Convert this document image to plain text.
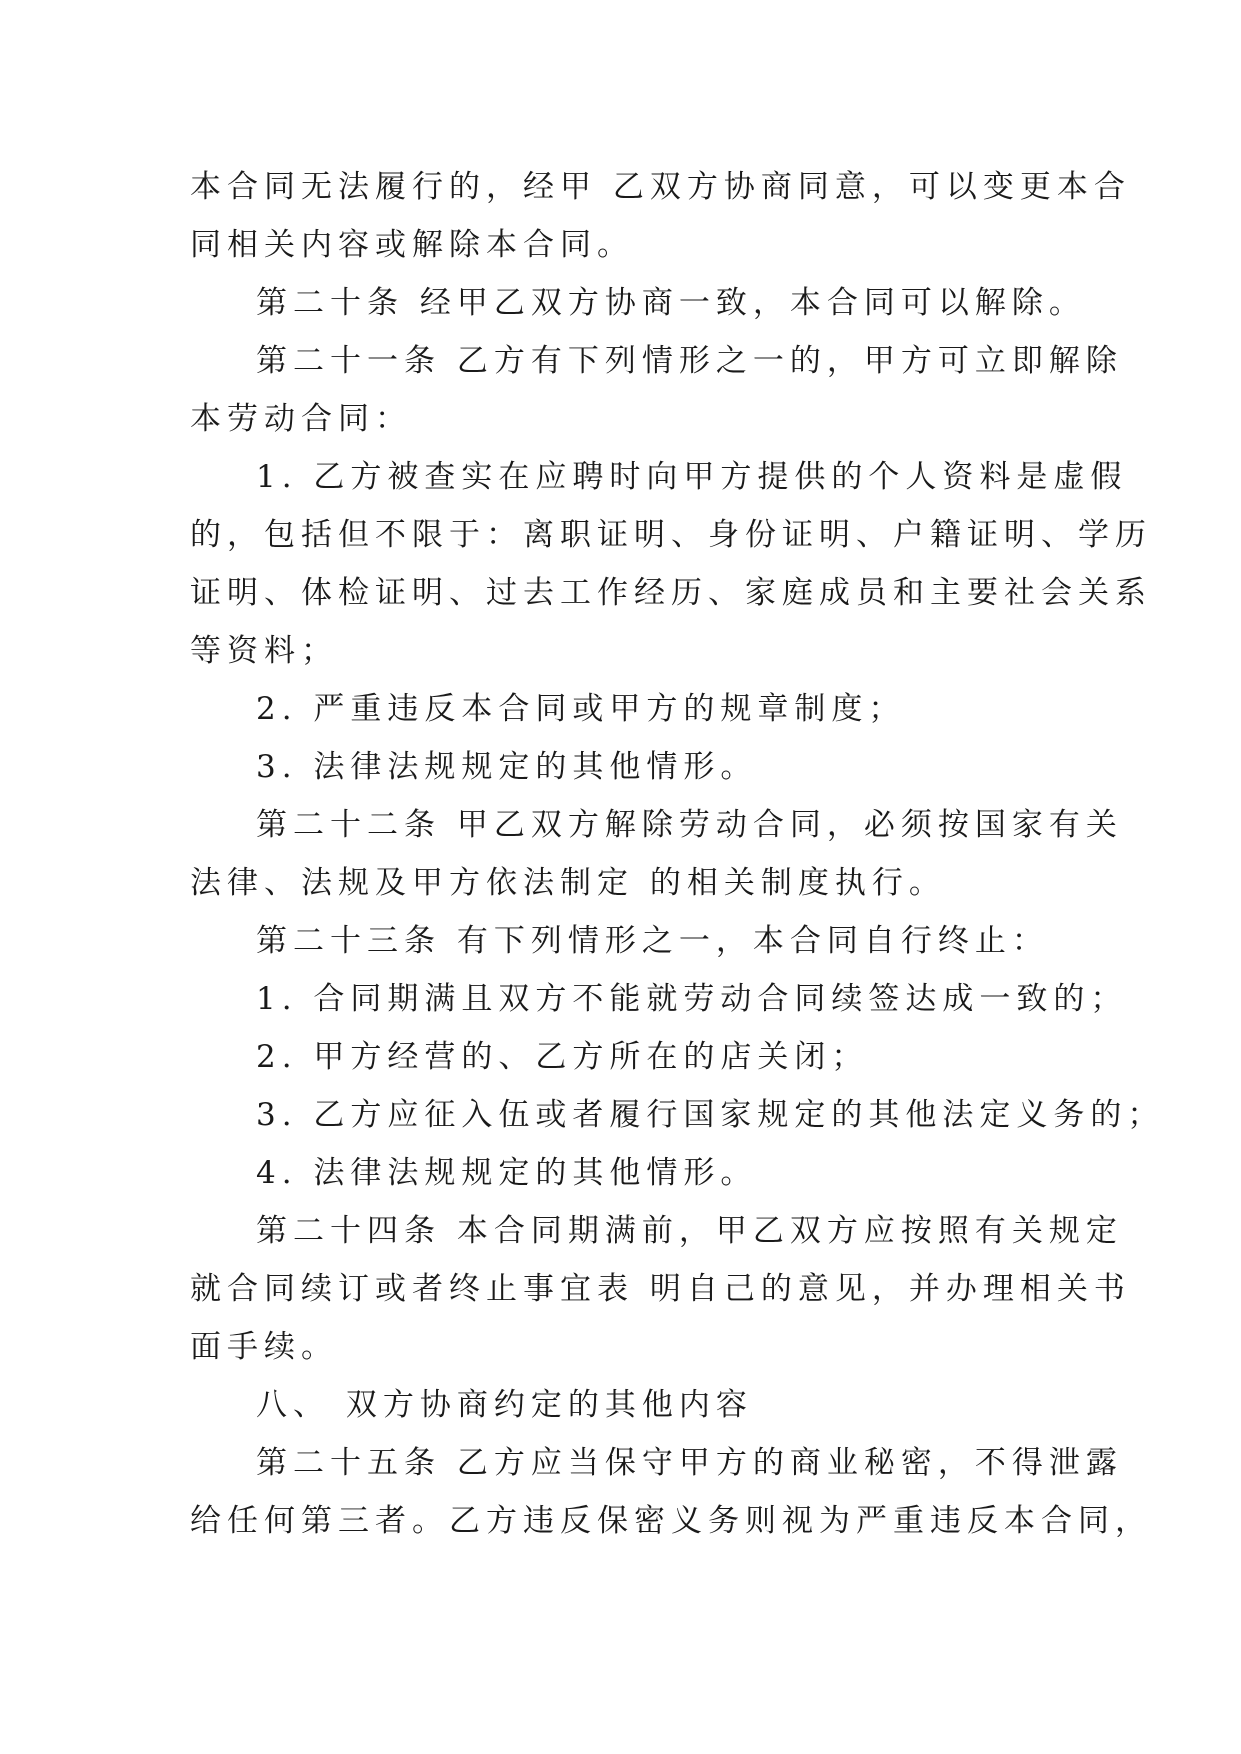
本合同无法履行的，经甲 乙双方协商同意，可以变更本合
同相关内容或解除本合同。
第二十条 经甲乙双方协商一致，本合同可以解除。
第二十一条 乙方有下列情形之一的，甲方可立即解除
本劳动合同：
1. 乙方被查实在应聘时向甲方提供的个人资料是虚假
的，包括但不限于：离职证明、身份证明、户籍证明、学历
证明、体检证明、过去工作经历、家庭成员和主要社会关系
等资料；
2. 严重违反本合同或甲方的规章制度；
3. 法律法规规定的其他情形。
第二十二条 甲乙双方解除劳动合同，必须按国家有关
法律、法规及甲方依法制定 的相关制度执行。
第二十三条 有下列情形之一，本合同自行终止：
1. 合同期满且双方不能就劳动合同续签达成一致的；
2. 甲方经营的、乙方所在的店关闭；
3. 乙方应征入伍或者履行国家规定的其他法定义务的；
4. 法律法规规定的其他情形。
第二十四条 本合同期满前，甲乙双方应按照有关规定
就合同续订或者终止事宜表 明自己的意见，并办理相关书
面手续。
八、 双方协商约定的其他内容
第二十五条 乙方应当保守甲方的商业秘密，不得泄露
给任何第三者。乙方违反保密义务则视为严重违反本合同，
